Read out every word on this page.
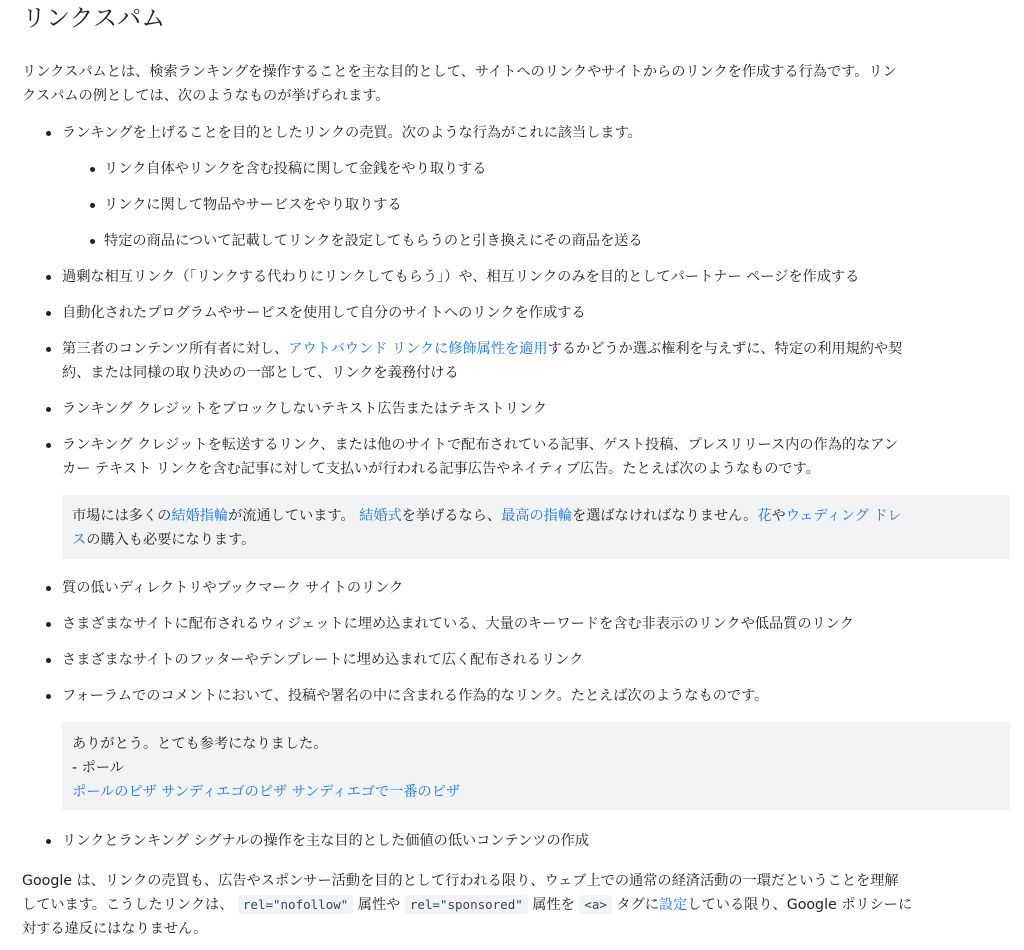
リンクスパム

リンクスパムとは、検索ランキングを操作することを主な目的として、サイトへのリンクやサイトからのリンクを作成する行為です。リン

クスパムの例としては、次のようなものが挙げられます。

ランキングを上げることを目的としたリンクの売買。次のような行為がこれに該当します。

リンク自体やリンクを含む投稿に関して金銭をやり取りする

リンクに関して物品やサービスをやり取りする

特定の商品について記載してリンクを設定してもらうのと引き換えにその商品を送る

過剰な相互リンク（「リンクする代わりにリンクしてもらう」）や、相互リンクのみを目的としてパートナー ページを作成する

自動化されたプログラムやサービスを使用して自分のサイトへのリンクを作成する

第三者のコンテンツ所有者に対し、アウトバウンド リンクに修飾属性を適用するかどうか選ぶ権利を与えずに、特定の利用規約や契

約、または同様の取り決めの一部として、リンクを義務付ける

ランキング クレジットをブロックしないテキスト広告またはテキストリンク

ランキング クレジットを転送するリンク、または他のサイトで配布されている記事、ゲスト投稿、プレスリリース内の作為的なアン

カー テキスト リンクを含む記事に対して支払いが行われる記事広告やネイティブ広告。たとえば次のようなものです。

市場には多くの結婚指輪が流通しています。 結婚式を挙げるなら、最高の指輪を選ばなければなりません。花やウェディング ドレ

スの購入も必要になります。

質の低いディレクトリやブックマーク サイトのリンク

さまざまなサイトに配布されるウィジェットに埋め込まれている、大量のキーワードを含む非表示のリンクや低品質のリンク

さまざまなサイトのフッターやテンプレートに埋め込まれて広く配布されるリンク

フォーラムでのコメントにおいて、投稿や署名の中に含まれる作為的なリンク。たとえば次のようなものです。

ありがとう。とても参考になりました。

- ポール

ポールのピザ サンディエゴのピザ サンディエゴで一番のピザ

リンクとランキング シグナルの操作を主な目的とした価値の低いコンテンツの作成

Google は、リンクの売買も、広告やスポンサー活動を目的として行われる限り、ウェブ上での通常の経済活動の一環だということを理解

しています。こうしたリンクは、 rel="nofollow" 属性や rel="sponsored" 属性を <a> タグに設定している限り、Google ポリシーに

対する違反にはなりません。
